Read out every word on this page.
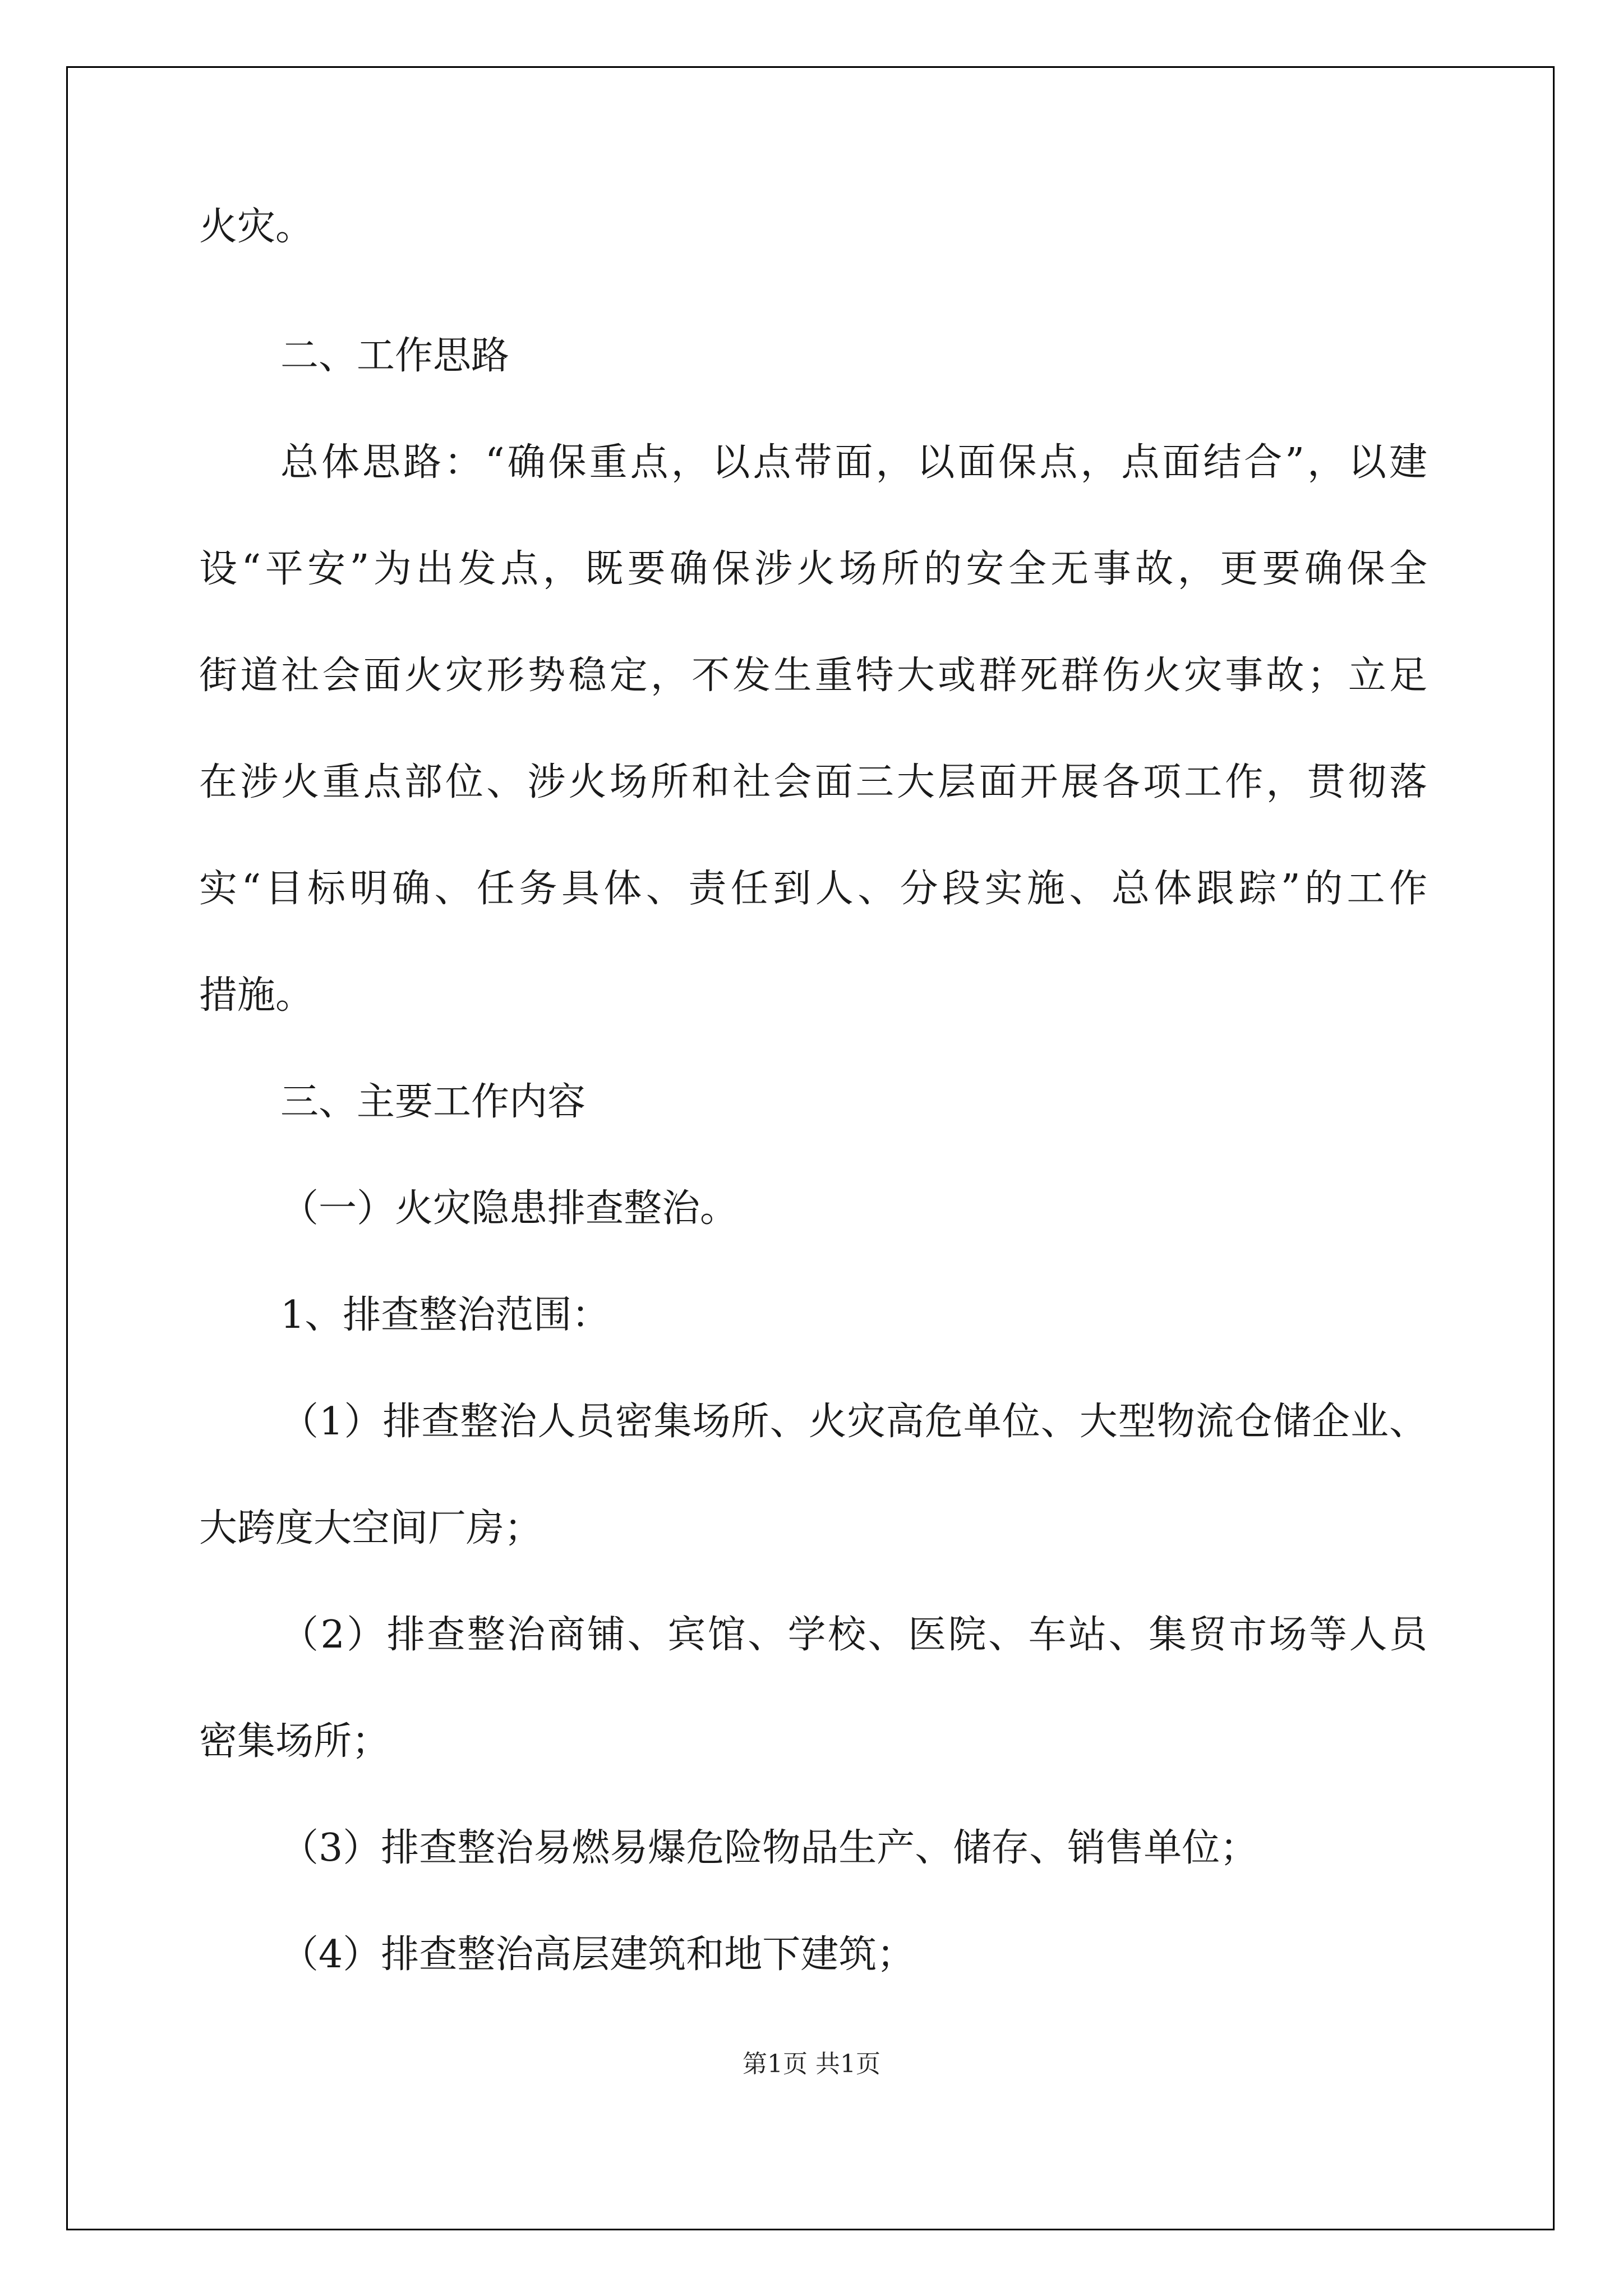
火灾。
二、工作思路
总体思路：“确保重点，以点带面，以面保点，点面结合”，以建
设“平安”为出发点，既要确保涉火场所的安全无事故，更要确保全
街道社会面火灾形势稳定，不发生重特大或群死群伤火灾事故；立足
在涉火重点部位、涉火场所和社会面三大层面开展各项工作，贯彻落
实“目标明确、任务具体、责任到人、分段实施、总体跟踪”的工作
措施。
三、主要工作内容
（一）火灾隐患排查整治。
1、排查整治范围：
（1）排查整治人员密集场所、火灾高危单位、大型物流仓储企业、
大跨度大空间厂房；
（2）排查整治商铺、宾馆、学校、医院、车站、集贸市场等人员
密集场所；
（3）排查整治易燃易爆危险物品生产、储存、销售单位；
（4）排查整治高层建筑和地下建筑；
第1页 共1页
